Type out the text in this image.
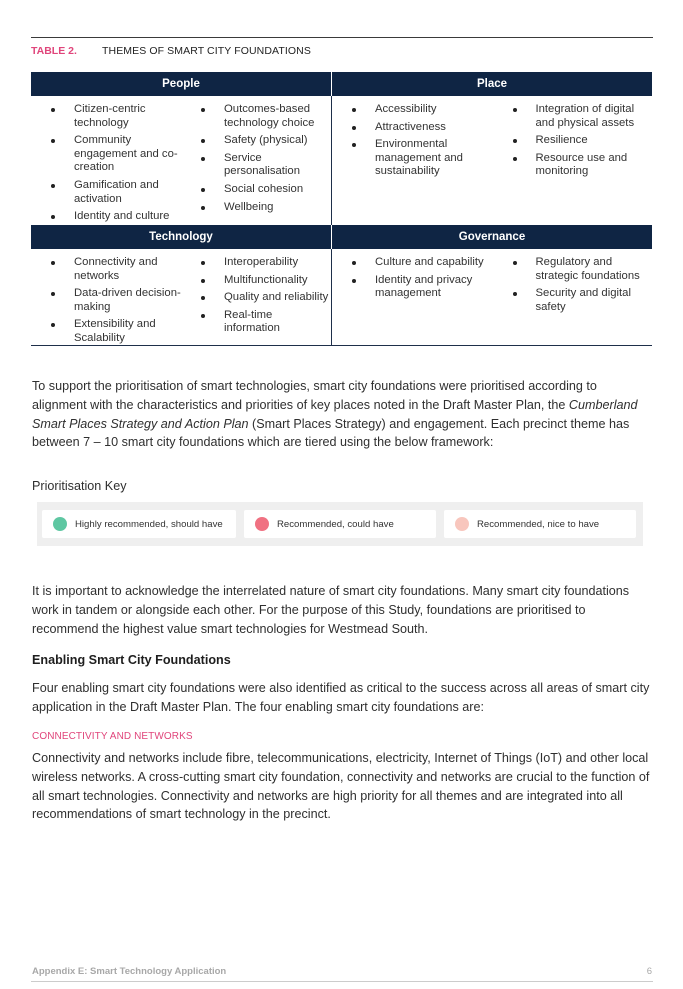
TABLE 2.	THEMES OF SMART CITY FOUNDATIONS
People	Place
Citizen-centric technology
Community engagement and co-creation
Gamification and activation
Identity and culture
Outcomes-based technology choice
Safety (physical)
Service personalisation
Social cohesion
Wellbeing
Accessibility
Attractiveness
Environmental management and sustainability
Integration of digital and physical assets
Resilience
Resource use and monitoring
Technology	Governance
Connectivity and networks
Data-driven decision-making
Extensibility and Scalability
Interoperability
Multifunctionality
Quality and reliability
Real-time information
Culture and capability
Identity and privacy management
Regulatory and strategic foundations
Security and digital safety

To support the prioritisation of smart technologies, smart city foundations were prioritised according to alignment with the characteristics and priorities of key places noted in the Draft Master Plan, the Cumberland Smart Places Strategy and Action Plan (Smart Places Strategy) and engagement. Each precinct theme has between 7 – 10 smart city foundations which are tiered using the below framework:

Prioritisation Key
Highly recommended, should have	Recommended, could have	Recommended, nice to have

It is important to acknowledge the interrelated nature of smart city foundations. Many smart city foundations work in tandem or alongside each other. For the purpose of this Study, foundations are prioritised to recommend the highest value smart technologies for Westmead South.

Enabling Smart City Foundations

Four enabling smart city foundations were also identified as critical to the success across all areas of smart city application in the Draft Master Plan. The four enabling smart city foundations are:

CONNECTIVITY AND NETWORKS

Connectivity and networks include fibre, telecommunications, electricity, Internet of Things (IoT) and other local wireless networks. A cross-cutting smart city foundation, connectivity and networks are crucial to the function of all smart technologies. Connectivity and networks are high priority for all themes and are integrated into all recommendations of smart technology in the precinct.

Appendix E: Smart Technology Application	6
